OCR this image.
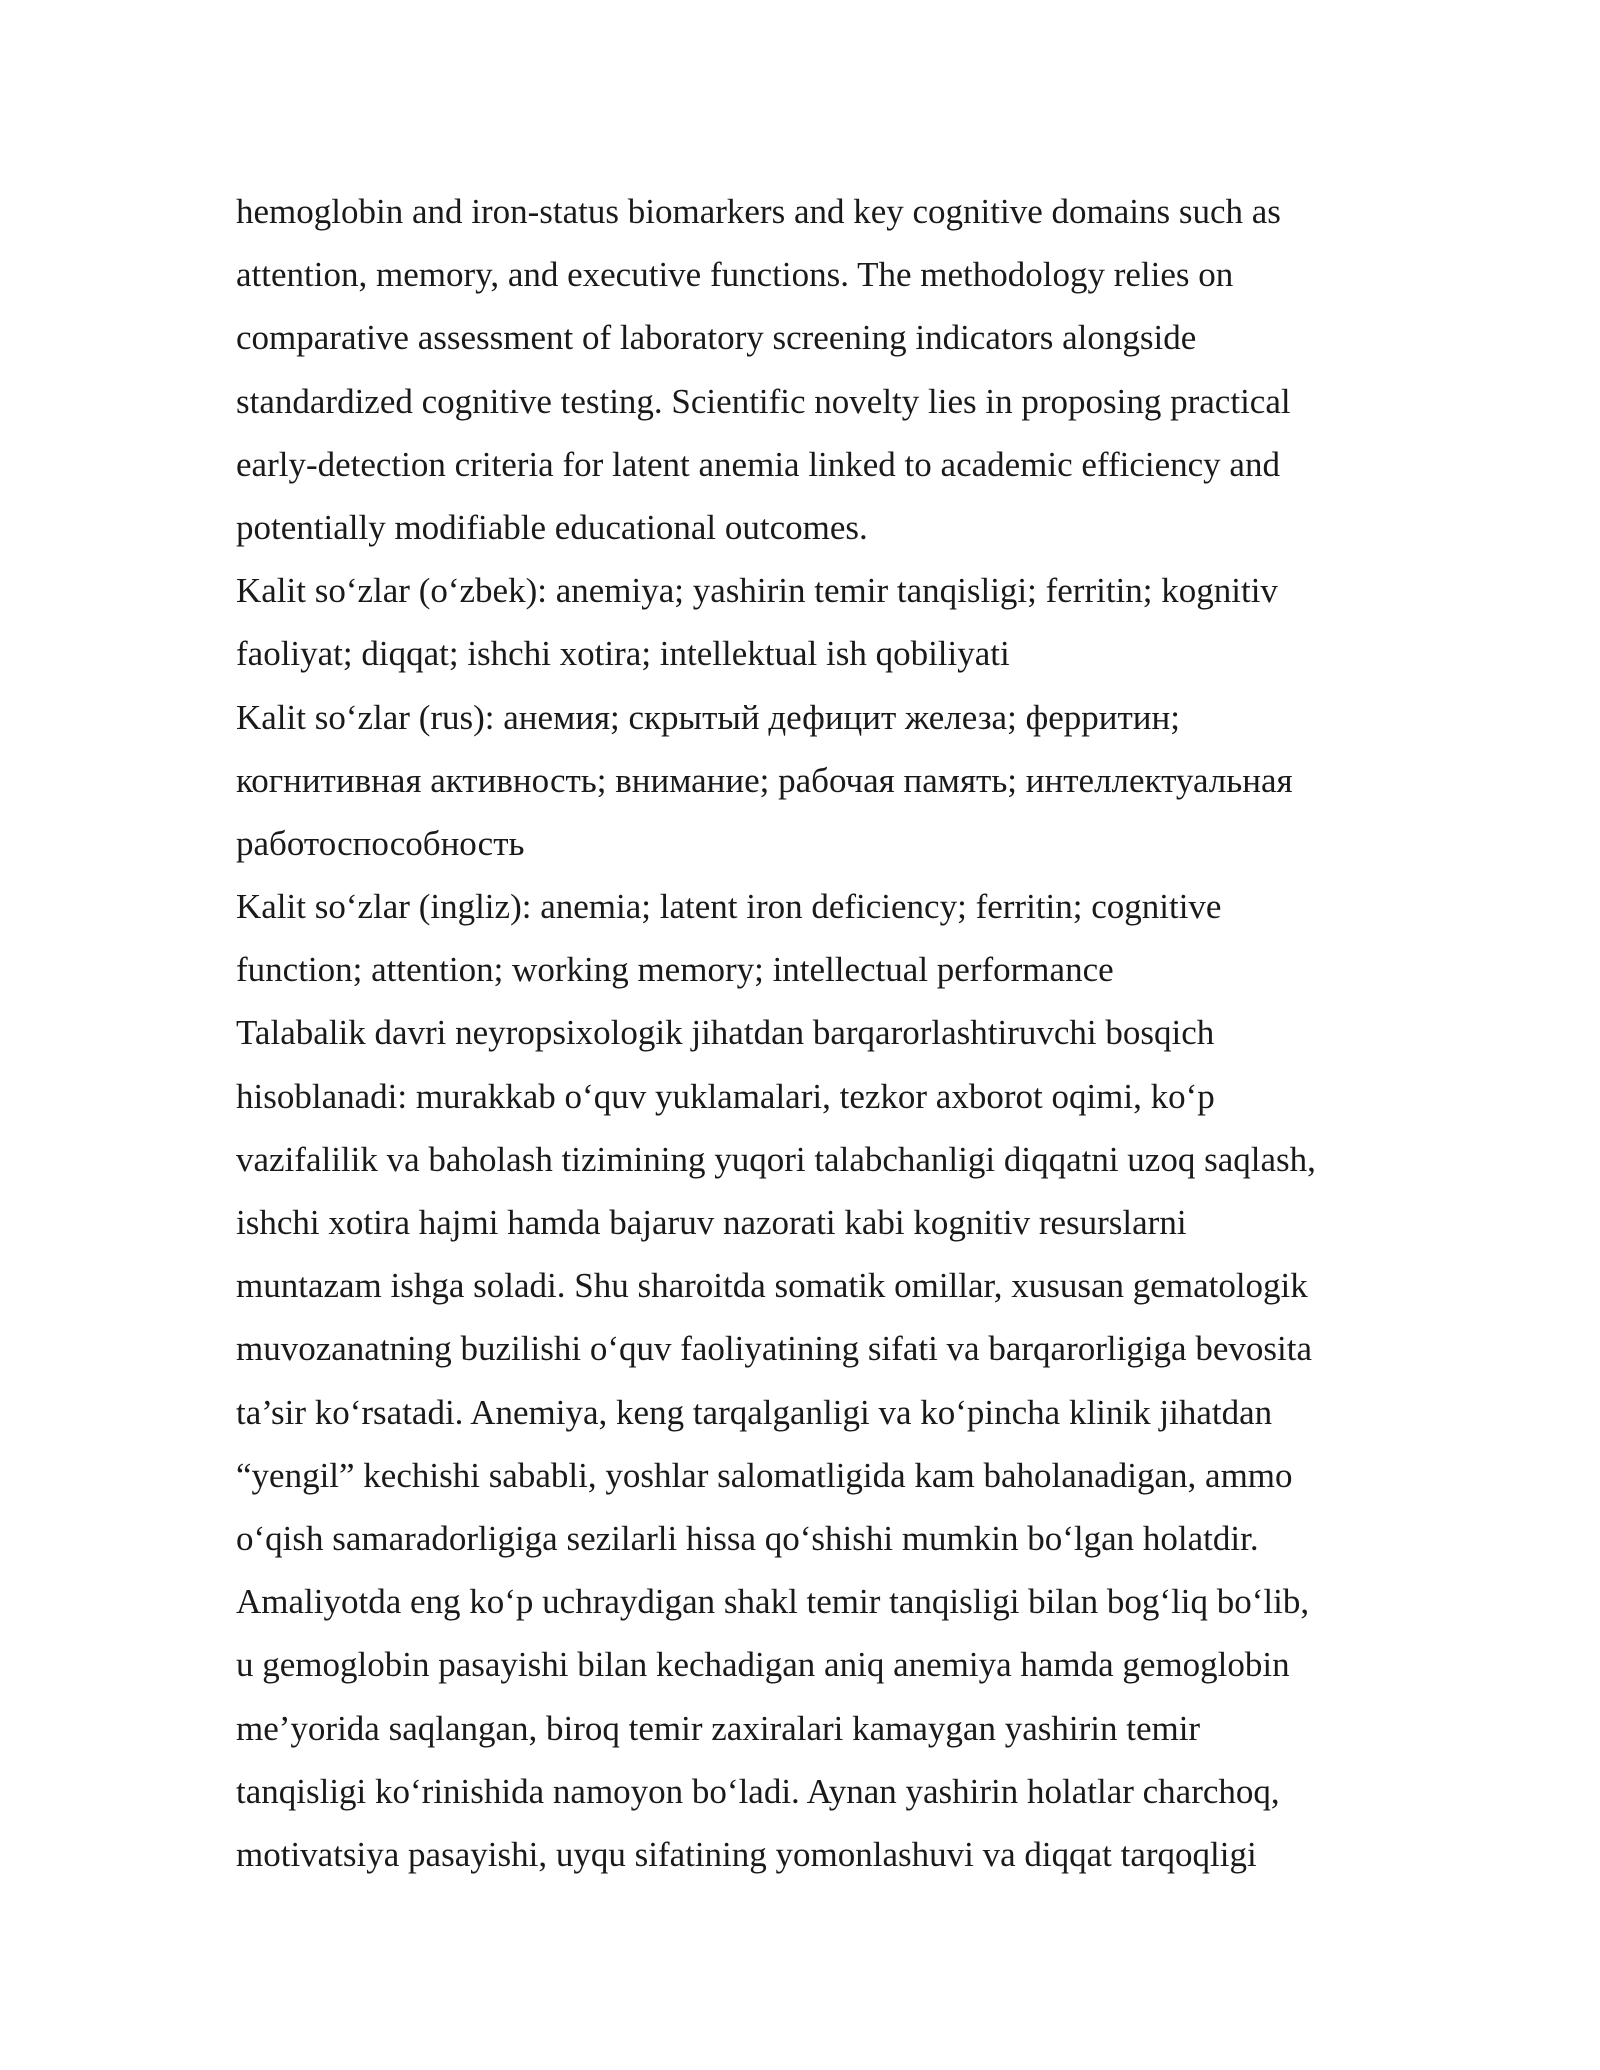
hemoglobin and iron-status biomarkers and key cognitive domains such as
attention, memory, and executive functions. The methodology relies on
comparative assessment of laboratory screening indicators alongside
standardized cognitive testing. Scientific novelty lies in proposing practical
early-detection criteria for latent anemia linked to academic efficiency and
potentially modifiable educational outcomes.
Kalit so‘zlar (o‘zbek): anemiya; yashirin temir tanqisligi; ferritin; kognitiv
faoliyat; diqqat; ishchi xotira; intellektual ish qobiliyati
Kalit so‘zlar (rus): анемия; скрытый дефицит железа; ферритин;
когнитивная активность; внимание; рабочая память; интеллектуальная
работоспособность
Kalit so‘zlar (ingliz): anemia; latent iron deficiency; ferritin; cognitive
function; attention; working memory; intellectual performance
Talabalik davri neyropsixologik jihatdan barqarorlashtiruvchi bosqich
hisoblanadi: murakkab o‘quv yuklamalari, tezkor axborot oqimi, ko‘p
vazifalilik va baholash tizimining yuqori talabchanligi diqqatni uzoq saqlash,
ishchi xotira hajmi hamda bajaruv nazorati kabi kognitiv resurslarni
muntazam ishga soladi. Shu sharoitda somatik omillar, xususan gematologik
muvozanatning buzilishi o‘quv faoliyatining sifati va barqarorligiga bevosita
ta’sir ko‘rsatadi. Anemiya, keng tarqalganligi va ko‘pincha klinik jihatdan
“yengil” kechishi sababli, yoshlar salomatligida kam baholanadigan, ammo
o‘qish samaradorligiga sezilarli hissa qo‘shishi mumkin bo‘lgan holatdir.
Amaliyotda eng ko‘p uchraydigan shakl temir tanqisligi bilan bog‘liq bo‘lib,
u gemoglobin pasayishi bilan kechadigan aniq anemiya hamda gemoglobin
me’yorida saqlangan, biroq temir zaxiralari kamaygan yashirin temir
tanqisligi ko‘rinishida namoyon bo‘ladi. Aynan yashirin holatlar charchoq,
motivatsiya pasayishi, uyqu sifatining yomonlashuvi va diqqat tarqoqligi
